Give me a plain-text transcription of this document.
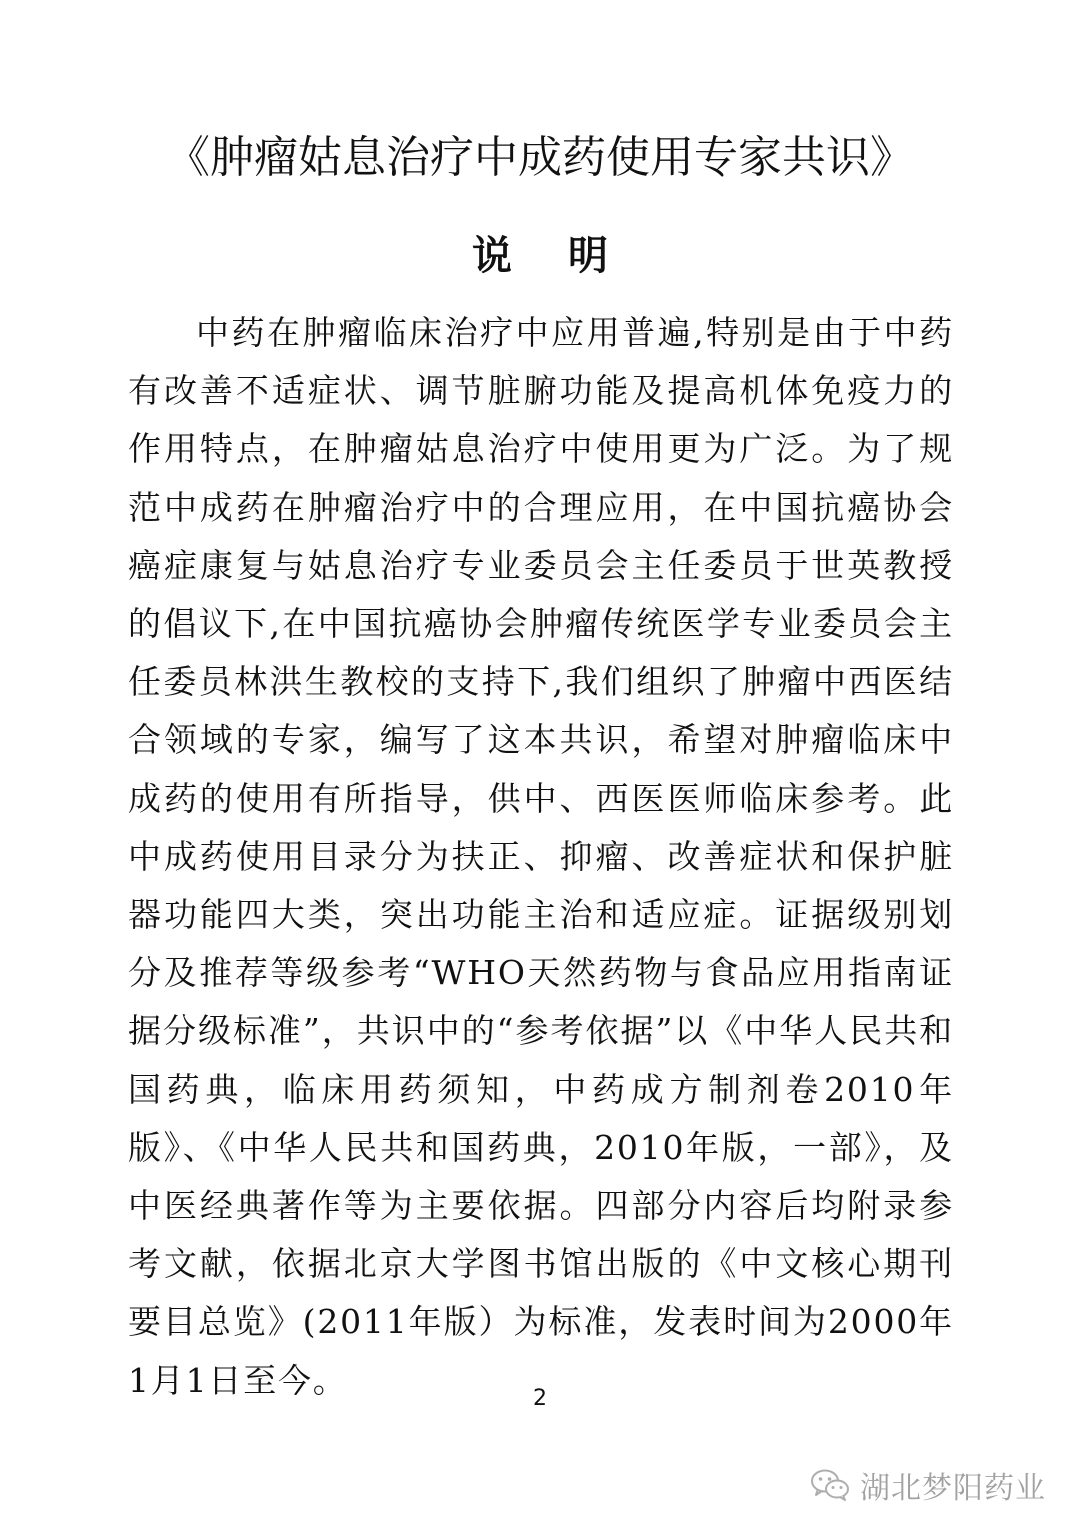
《肿瘤姑息治疗中成药使用专家共识》
说明

中药在肿瘤临床治疗中应用普遍,特别是由于中药有改善不适症状、调节脏腑功能及提高机体免疫力的作用特点，在肿瘤姑息治疗中使用更为广泛。为了规范中成药在肿瘤治疗中的合理应用，在中国抗癌协会癌症康复与姑息治疗专业委员会主任委员于世英教授的倡议下,在中国抗癌协会肿瘤传统医学专业委员会主任委员林洪生教校的支持下,我们组织了肿瘤中西医结合领域的专家，编写了这本共识，希望对肿瘤临床中成药的使用有所指导，供中、西医医师临床参考。此中成药使用目录分为扶正、抑瘤、改善症状和保护脏器功能四大类，突出功能主治和适应症。证据级别划分及推荐等级参考“WHO天然药物与食品应用指南证据分级标准”，共识中的“参考依据”以《中华人民共和国药典，临床用药须知，中药成方制剂卷2010年版》、《中华人民共和国药典，2010年版，一部》，及中医经典著作等为主要依据。四部分内容后均附录参考文献，依据北京大学图书馆出版的《中文核心期刊要目总览》(2011年版）为标准，发表时间为2000年1月1日至今。	2
湖北梦阳药业
